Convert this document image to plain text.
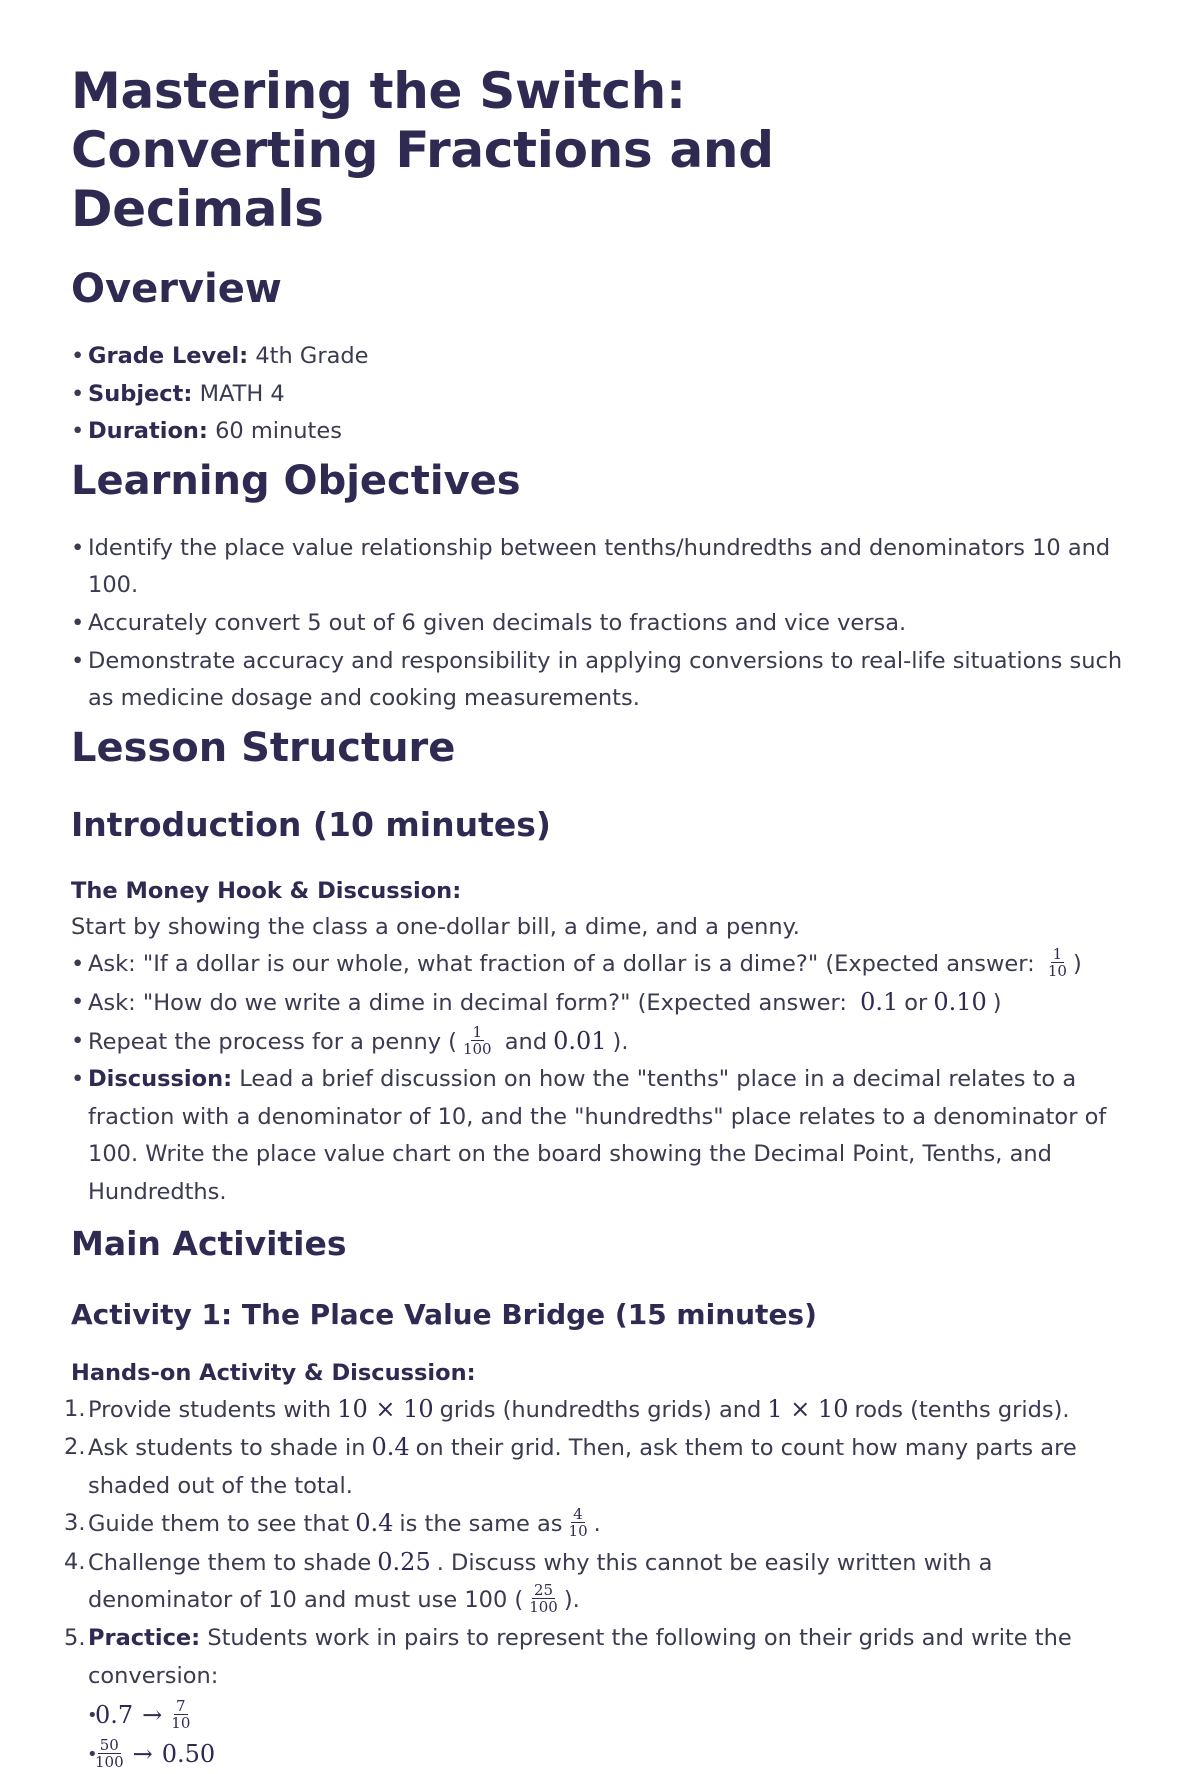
Mastering the Switch: Converting Fractions and Decimals
Overview
• Grade Level: 4th Grade
• Subject: MATH 4
• Duration: 60 minutes
Learning Objectives
• Identify the place value relationship between tenths/hundredths and denominators 10 and 100.
• Accurately convert 5 out of 6 given decimals to fractions and vice versa.
• Demonstrate accuracy and responsibility in applying conversions to real-life situations such as medicine dosage and cooking measurements.
Lesson Structure
Introduction (10 minutes)
The Money Hook & Discussion:
Start by showing the class a one-dollar bill, a dime, and a penny.
• Ask: "If a dollar is our whole, what fraction of a dollar is a dime?" (Expected answer: $\frac{1}{10}$ )
• Ask: "How do we write a dime in decimal form?" (Expected answer: 0.1 or 0.10 )
• Repeat the process for a penny ( $\frac{1}{100}$ and 0.01 ).
• Discussion: Lead a brief discussion on how the "tenths" place in a decimal relates to a fraction with a denominator of 10, and the "hundredths" place relates to a denominator of 100. Write the place value chart on the board showing the Decimal Point, Tenths, and Hundredths.
Main Activities
Activity 1: The Place Value Bridge (15 minutes)
Hands-on Activity & Discussion:
1. Provide students with 10 × 10 grids (hundredths grids) and 1 × 10 rods (tenths grids).
2. Ask students to shade in 0.4 on their grid. Then, ask them to count how many parts are shaded out of the total.
3. Guide them to see that 0.4 is the same as $\frac{4}{10}$ .
4. Challenge them to shade 0.25 . Discuss why this cannot be easily written with a denominator of 10 and must use 100 ( $\frac{25}{100}$ ).
5. Practice: Students work in pairs to represent the following on their grids and write the conversion:
• $0.7 \to \frac{7}{10}$
• $\frac{50}{100} \to 0.50$
